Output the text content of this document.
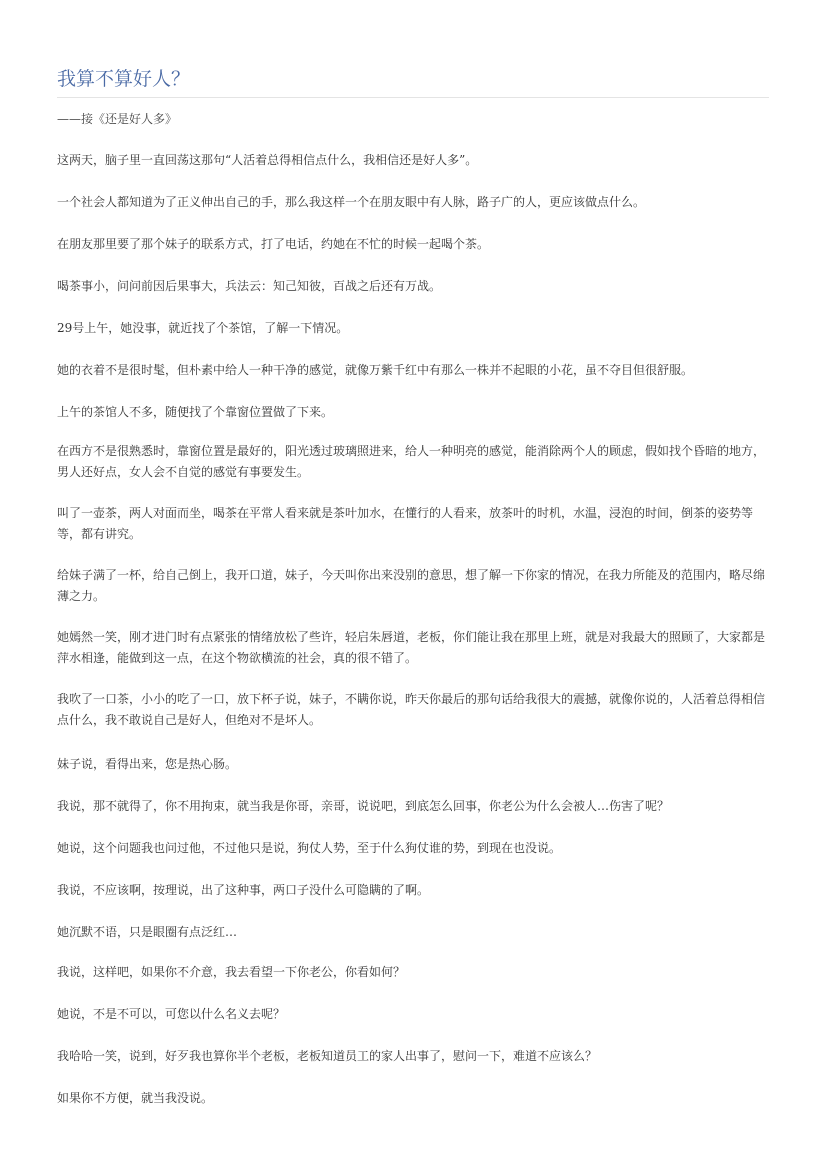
我算不算好人？
——接《还是好人多》

这两天，脑子里一直回荡这那句“人活着总得相信点什么，我相信还是好人多”。

一个社会人都知道为了正义伸出自己的手，那么我这样一个在朋友眼中有人脉，路子广的人，更应该做点什么。

在朋友那里要了那个妹子的联系方式，打了电话，约她在不忙的时候一起喝个茶。

喝茶事小，问问前因后果事大，兵法云：知己知彼，百战之后还有万战。

29号上午，她没事，就近找了个茶馆，了解一下情况。

她的衣着不是很时髦，但朴素中给人一种干净的感觉，就像万紫千红中有那么一株并不起眼的小花，虽不夺目但很舒服。

上午的茶馆人不多，随便找了个靠窗位置做了下来。

在西方不是很熟悉时，靠窗位置是最好的，阳光透过玻璃照进来，给人一种明亮的感觉，能消除两个人的顾虑，假如找个昏暗的地方，男人还好点，女人会不自觉的感觉有事要发生。

叫了一壶茶，两人对面而坐，喝茶在平常人看来就是茶叶加水，在懂行的人看来，放茶叶的时机，水温，浸泡的时间，倒茶的姿势等等，都有讲究。

给妹子满了一杯，给自己倒上，我开口道，妹子，今天叫你出来没别的意思，想了解一下你家的情况，在我力所能及的范围内，略尽绵薄之力。

她嫣然一笑，刚才进门时有点紧张的情绪放松了些许，轻启朱唇道，老板，你们能让我在那里上班，就是对我最大的照顾了，大家都是萍水相逢，能做到这一点，在这个物欲横流的社会，真的很不错了。

我吹了一口茶，小小的吃了一口，放下杯子说，妹子，不瞒你说，昨天你最后的那句话给我很大的震撼，就像你说的，人活着总得相信点什么，我不敢说自己是好人，但绝对不是坏人。

妹子说，看得出来，您是热心肠。

我说，那不就得了，你不用拘束，就当我是你哥，亲哥，说说吧，到底怎么回事，你老公为什么会被人…伤害了呢？

她说，这个问题我也问过他，不过他只是说，狗仗人势，至于什么狗仗谁的势，到现在也没说。

我说，不应该啊，按理说，出了这种事，两口子没什么可隐瞒的了啊。

她沉默不语，只是眼圈有点泛红…

我说，这样吧，如果你不介意，我去看望一下你老公，你看如何？

她说，不是不可以，可您以什么名义去呢？

我哈哈一笑，说到，好歹我也算你半个老板，老板知道员工的家人出事了，慰问一下，难道不应该么？

如果你不方便，就当我没说。
